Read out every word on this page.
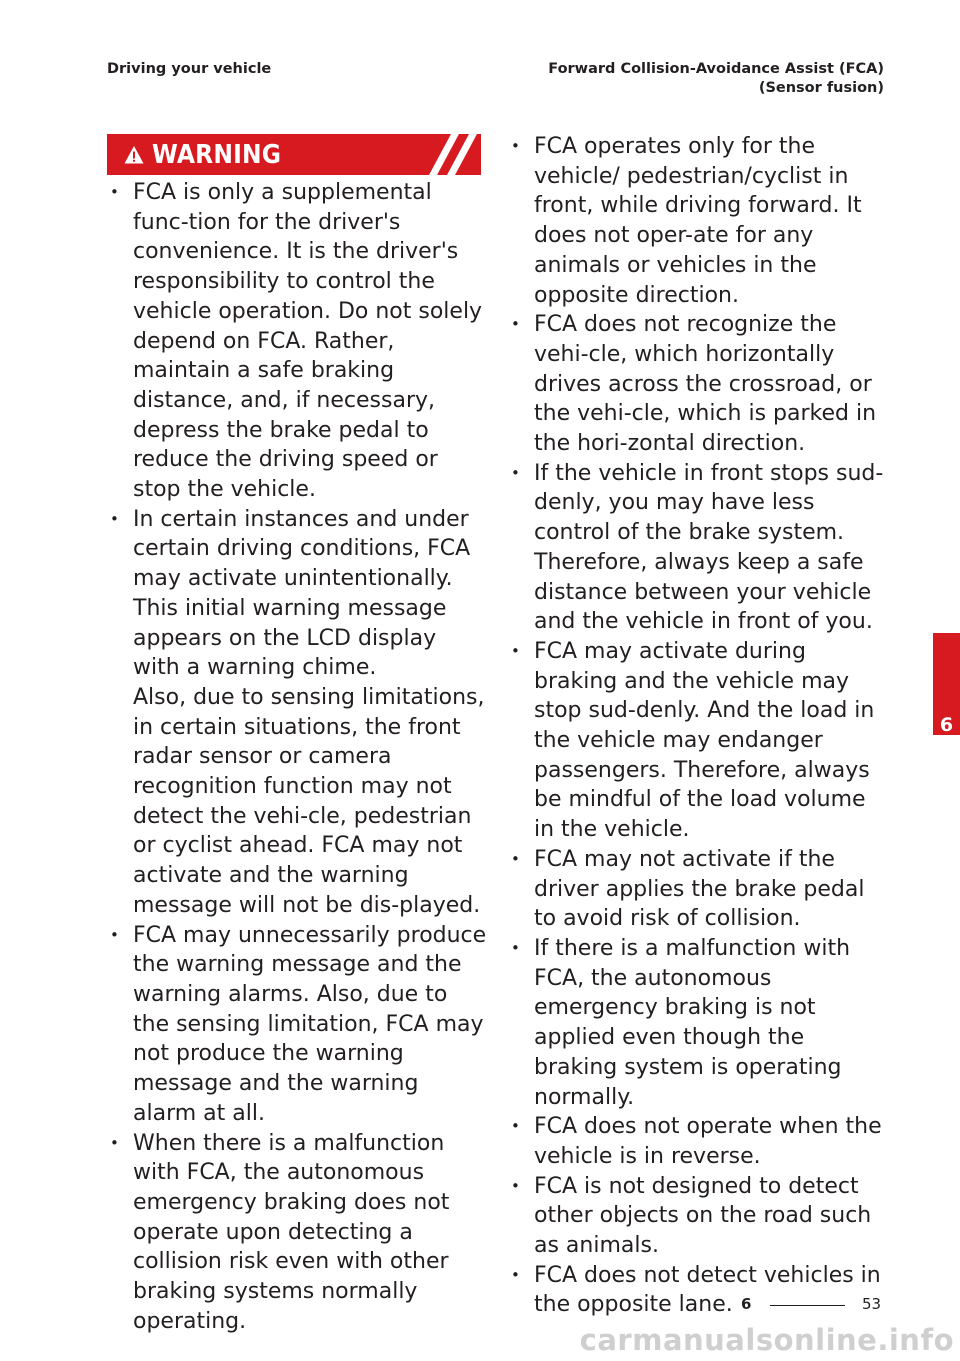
Driving your vehicle	Forward Collision-Avoidance Assist (FCA)
(Sensor fusion)
WARNING
• FCA is only a supplemental func-tion for the driver's convenience. It is the driver's responsibility to control the vehicle operation. Do not solely depend on FCA. Rather, maintain a safe braking distance, and, if necessary, depress the brake pedal to reduce the driving speed or stop the vehicle.

• In certain instances and under certain driving conditions, FCA may activate unintentionally. This initial warning message appears on the LCD display with a warning chime.

Also, due to sensing limitations, in certain situations, the front radar sensor or camera recognition function may not detect the vehi-cle, pedestrian or cyclist ahead. FCA may not activate and the warning message will not be dis-played.

• FCA may unnecessarily produce the warning message and the warning alarms. Also, due to the sensing limitation, FCA may not produce the warning message and the warning alarm at all.
• When there is a malfunction with FCA, the autonomous emergency braking does not operate upon detecting a collision risk even with other braking systems normally operating.
• FCA operates only for the vehicle/ pedestrian/cyclist in front, while driving forward. It does not oper-ate for any animals or vehicles in the opposite direction.
• FCA does not recognize the vehi-cle, which horizontally drives across the crossroad, or the vehi-cle, which is parked in the hori-zontal direction.
• If the vehicle in front stops sud-denly, you may have less control of the brake system. Therefore, always keep a safe distance between your vehicle and the vehicle in front of you.
• FCA may activate during braking and the vehicle may stop sud-denly. And the load in the vehicle may endanger passengers. Therefore, always be mindful of the load volume in the vehicle.
• FCA may not activate if the driver applies the brake pedal to avoid risk of collision.
• If there is a malfunction with FCA, the autonomous emergency braking is not applied even though the braking system is operating normally.
• FCA does not operate when the vehicle is in reverse.
• FCA is not designed to detect other objects on the road such as animals.
• FCA does not detect vehicles in the opposite lane.
6
6	53
carmanualsonline.info
